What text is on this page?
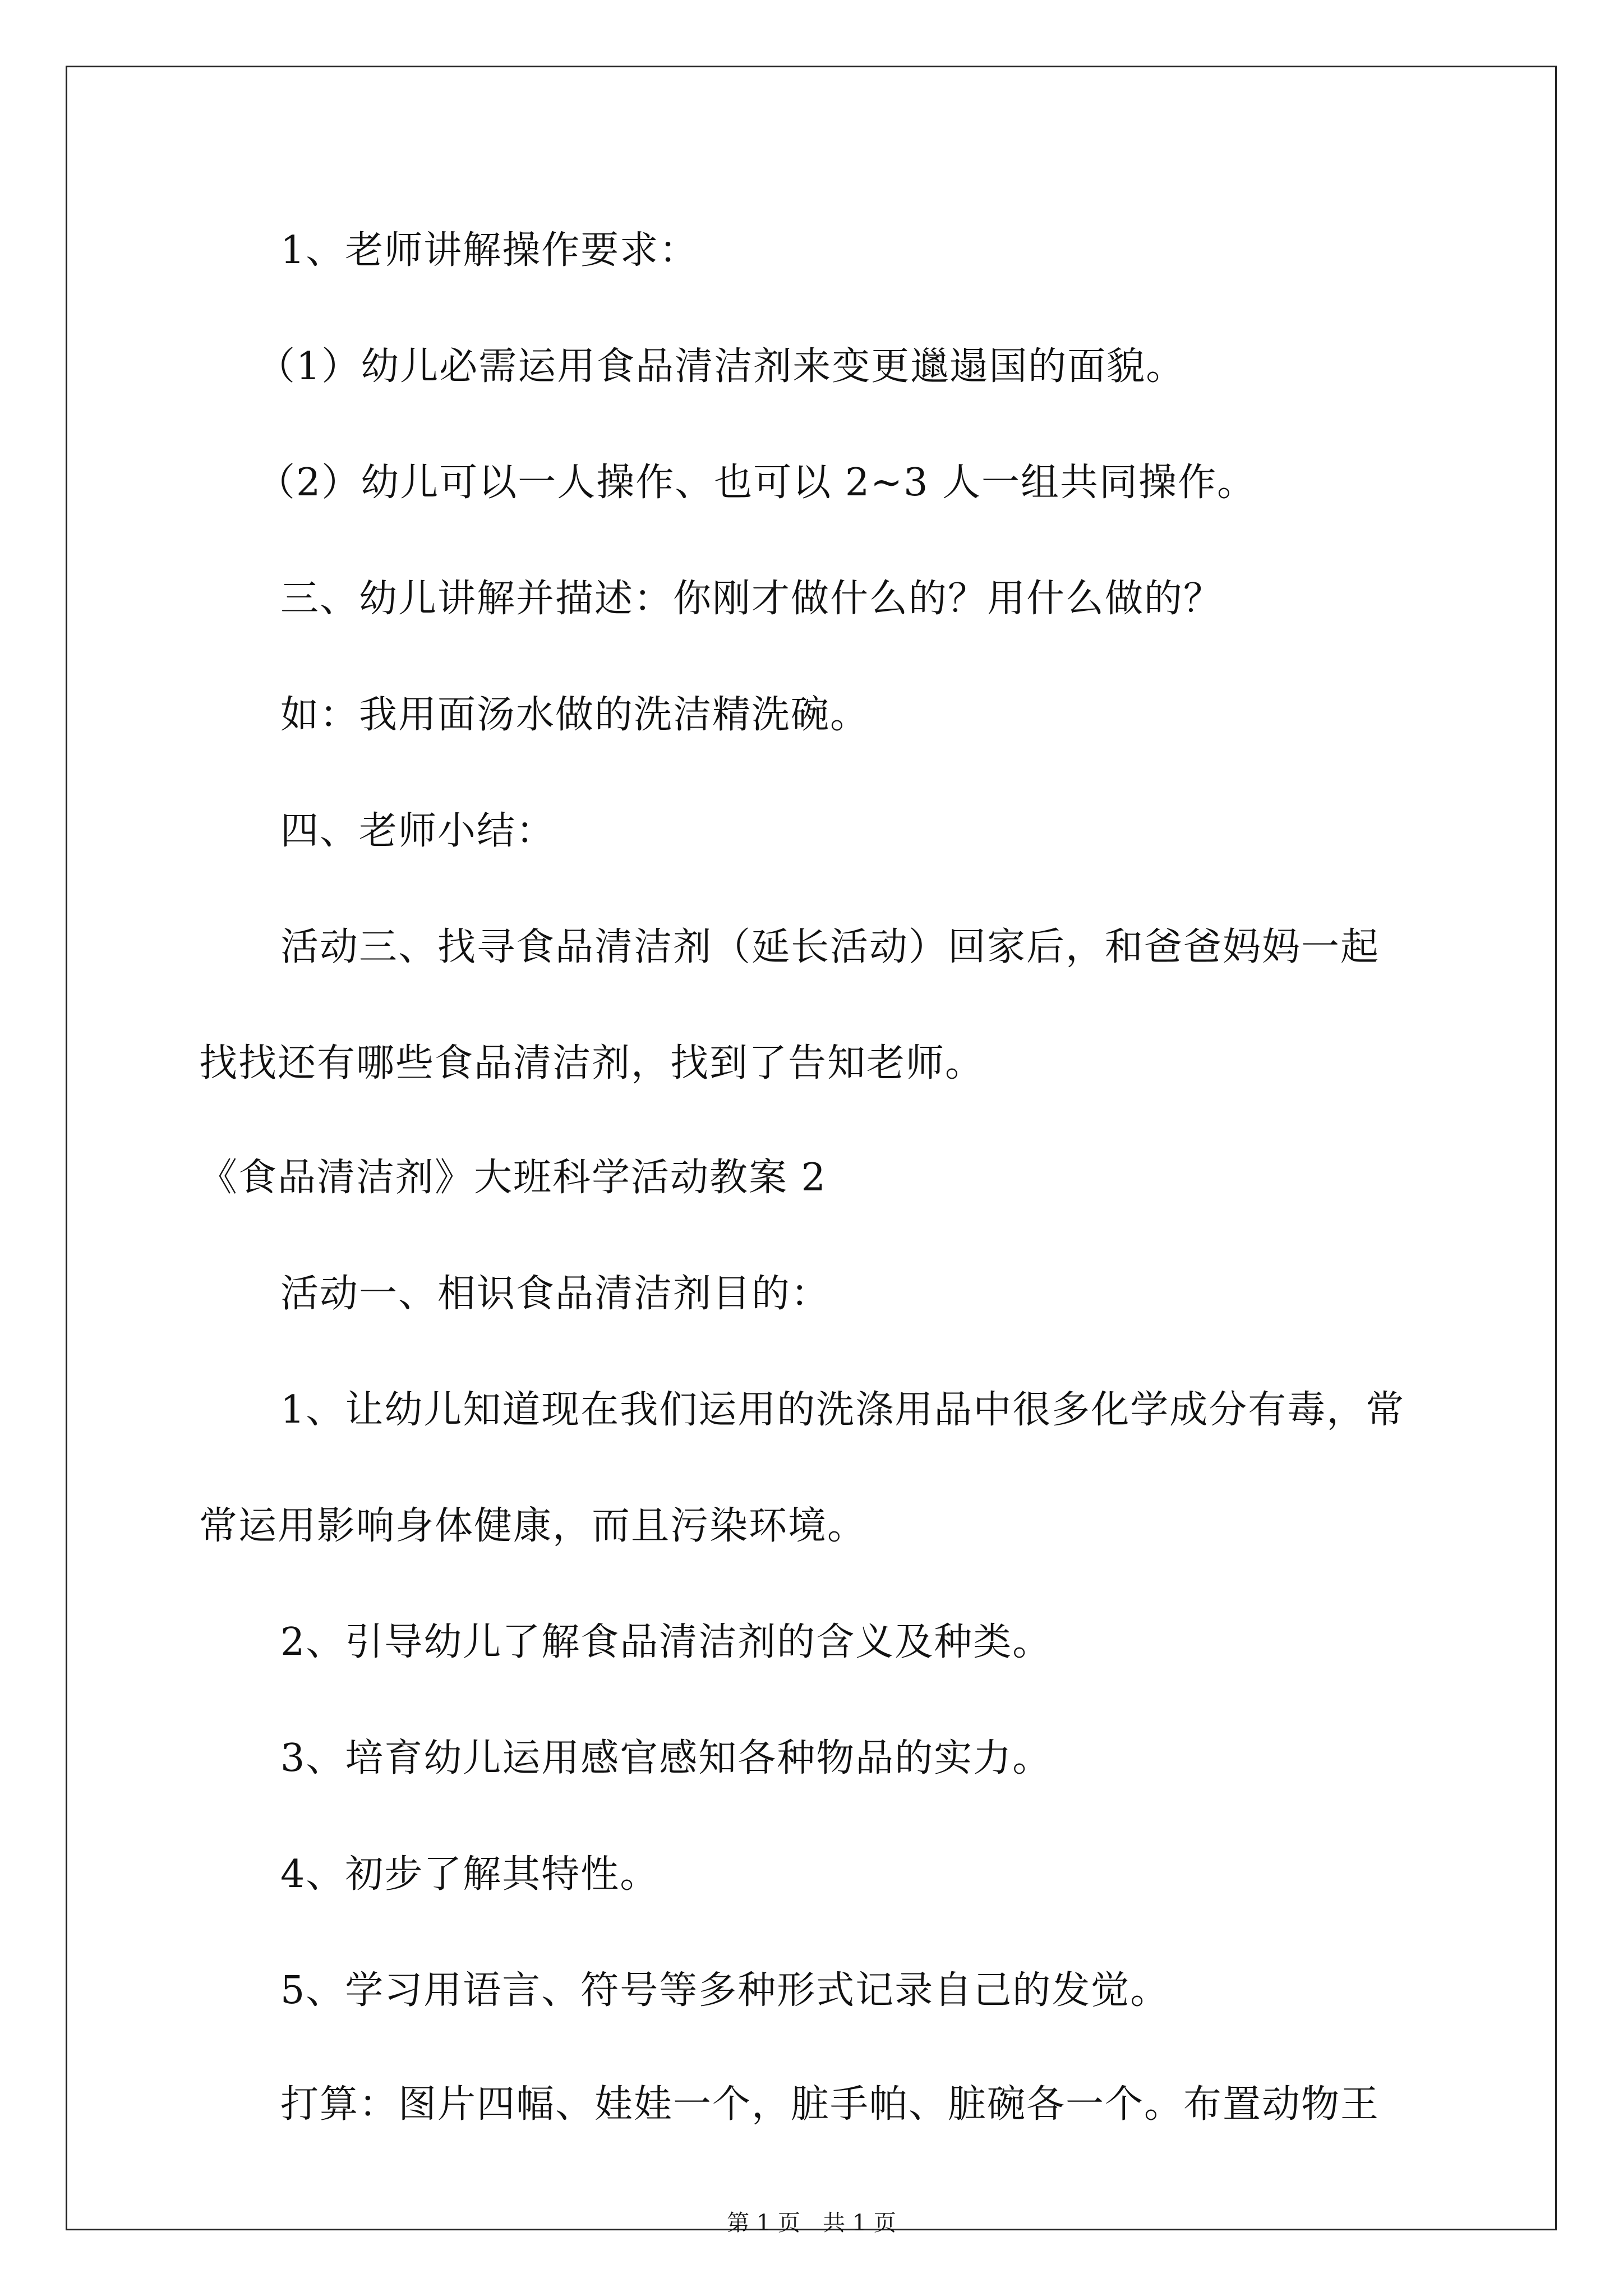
1、老师讲解操作要求：
（1）幼儿必需运用食品清洁剂来变更邋遢国的面貌。
（2）幼儿可以一人操作、也可以 2~3 人一组共同操作。
三、幼儿讲解并描述：你刚才做什么的？用什么做的？
如：我用面汤水做的洗洁精洗碗。
四、老师小结：
活动三、找寻食品清洁剂（延长活动）回家后，和爸爸妈妈一起
找找还有哪些食品清洁剂，找到了告知老师。
《食品清洁剂》大班科学活动教案 2
活动一、相识食品清洁剂目的：
1、让幼儿知道现在我们运用的洗涤用品中很多化学成分有毒，常
常运用影响身体健康，而且污染环境。
2、引导幼儿了解食品清洁剂的含义及种类。
3、培育幼儿运用感官感知各种物品的实力。
4、初步了解其特性。
5、学习用语言、符号等多种形式记录自己的发觉。
打算：图片四幅、娃娃一个，脏手帕、脏碗各一个。布置动物王
第 1 页　共 1 页
